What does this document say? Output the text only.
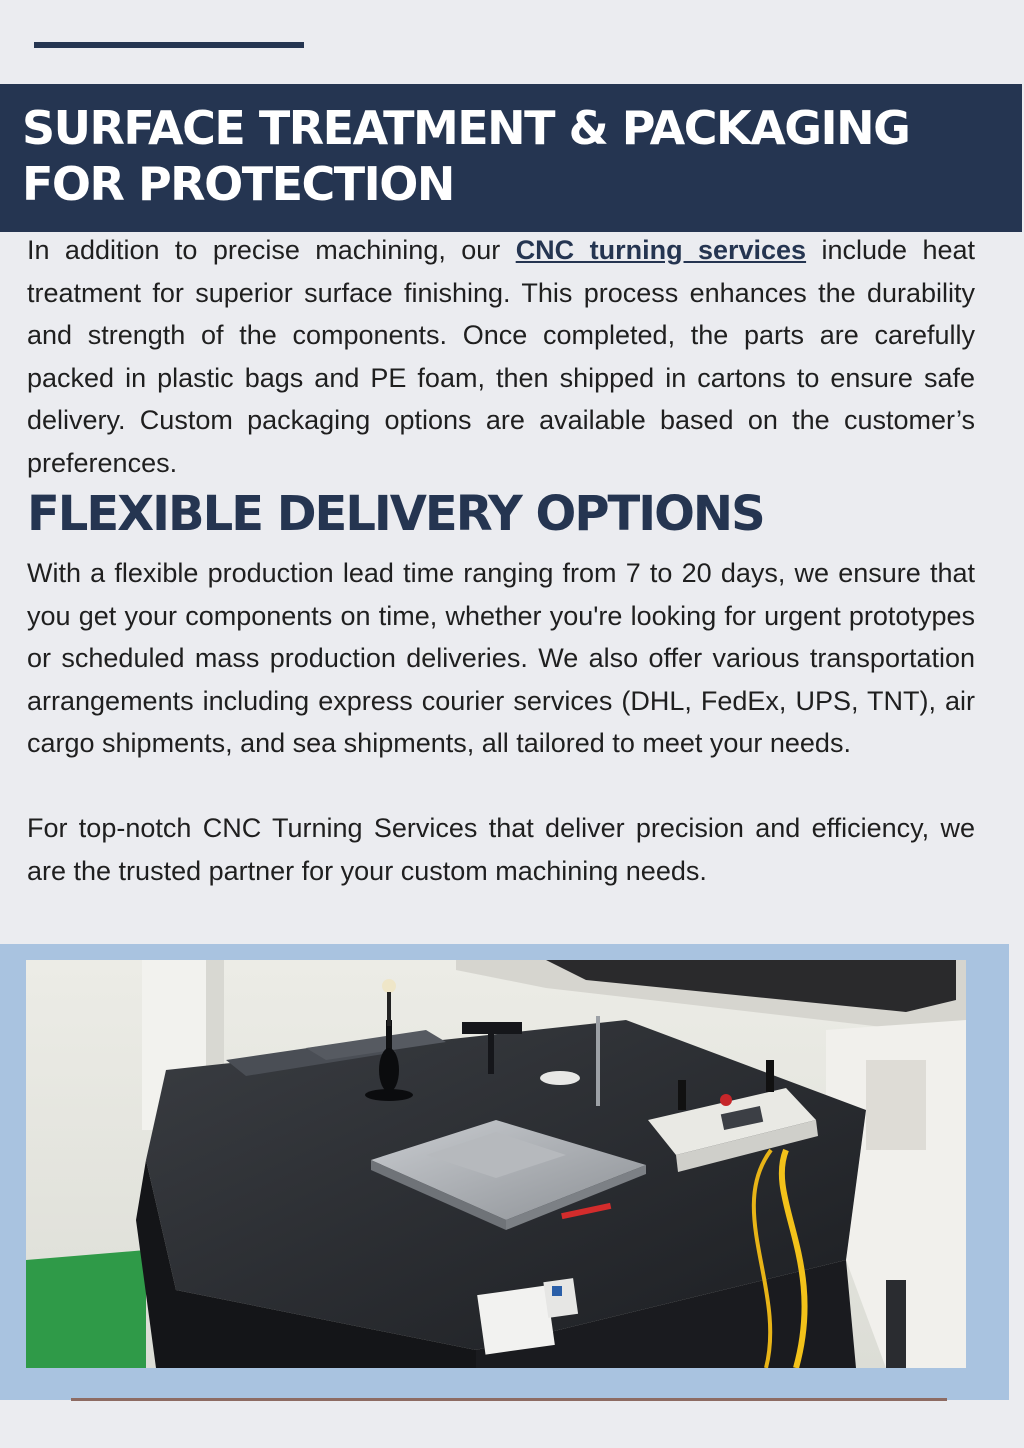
SURFACE TREATMENT & PACKAGING
FOR PROTECTION

In addition to precise machining, our CNC turning services include heat treatment for superior surface finishing. This process enhances the durability and strength of the components. Once completed, the parts are carefully packed in plastic bags and PE foam, then shipped in cartons to ensure safe delivery. Custom packaging options are available based on the customer’s preferences.

FLEXIBLE DELIVERY OPTIONS

With a flexible production lead time ranging from 7 to 20 days, we ensure that you get your components on time, whether you're looking for urgent prototypes or scheduled mass production deliveries. We also offer various transportation arrangements including express courier services (DHL, FedEx, UPS, TNT), air cargo shipments, and sea shipments, all tailored to meet your needs.

For top-notch CNC Turning Services that deliver precision and efficiency, we are the trusted partner for your custom machining needs.
